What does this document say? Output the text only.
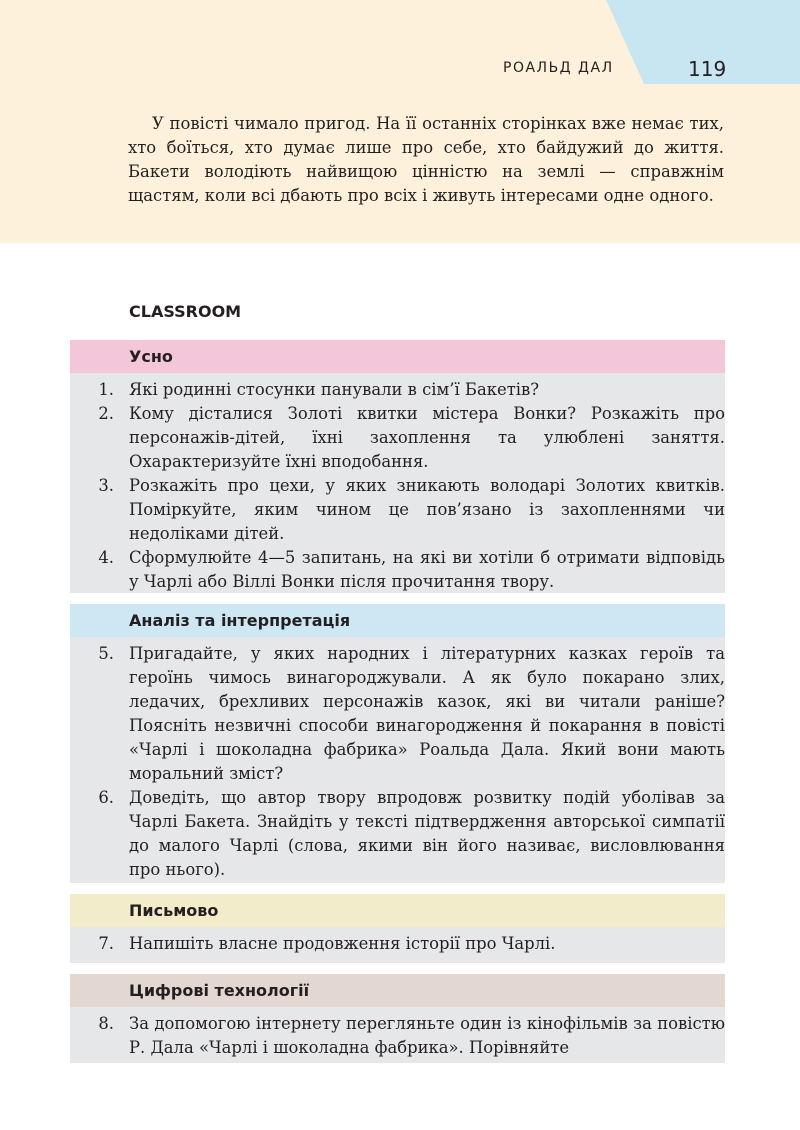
РОАЛЬД ДАЛ	119

У повісті чимало пригод. На її останніх сторінках вже немає тих, хто боїться, хто думає лише про себе, хто байдужий до життя. Бакети володіють найвищою цінністю на землі — справжнім щастям, коли всі дбають про всіх і живуть інтересами одне одного.

CLASSROOM
Усно
1. Які родинні стосунки панували в сім’ї Бакетів?
2. Кому дісталися Золоті квитки містера Вонки? Розкажіть про персонажів-дітей, їхні захоплення та улюблені заняття. Охарактеризуйте їхні вподобання.
3. Розкажіть про цехи, у яких зникають володарі Золотих квитків. Поміркуйте, яким чином це пов’язано із захопленнями чи недоліками дітей.
4. Сформулюйте 4—5 запитань, на які ви хотіли б отримати відповідь у Чарлі або Віллі Вонки після прочитання твору.
Аналіз та інтерпретація
5. Пригадайте, у яких народних і літературних казках героїв та героїнь чимось винагороджували. А як було покарано злих, ледачих, брехливих персонажів казок, які ви читали раніше? Поясніть незвичні способи винагородження й покарання в повісті «Чарлі і шоколадна фабрика» Роальда Дала. Який вони мають моральний зміст?
6. Доведіть, що автор твору впродовж розвитку подій уболівав за Чарлі Бакета. Знайдіть у тексті підтвердження авторської симпатії до малого Чарлі (слова, якими він його називає, висловлювання про нього).
Письмово
7. Напишіть власне продовження історії про Чарлі.
Цифрові технології
8. За допомогою інтернету перегляньте один із кінофільмів за повістю Р. Дала «Чарлі і шоколадна фабрика». Порівняйте
